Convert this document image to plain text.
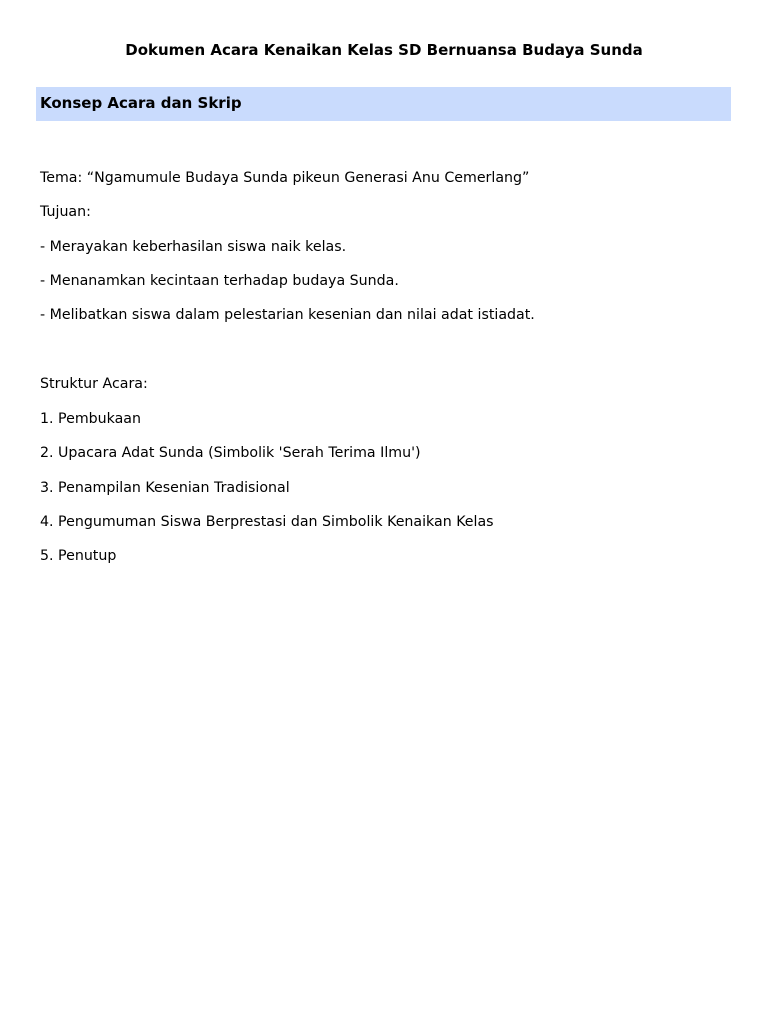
Dokumen Acara Kenaikan Kelas SD Bernuansa Budaya Sunda
Konsep Acara dan Skrip
Tema: “Ngamumule Budaya Sunda pikeun Generasi Anu Cemerlang”
Tujuan:
- Merayakan keberhasilan siswa naik kelas.
- Menanamkan kecintaan terhadap budaya Sunda.
- Melibatkan siswa dalam pelestarian kesenian dan nilai adat istiadat.
Struktur Acara:
1. Pembukaan
2. Upacara Adat Sunda (Simbolik 'Serah Terima Ilmu')
3. Penampilan Kesenian Tradisional
4. Pengumuman Siswa Berprestasi dan Simbolik Kenaikan Kelas
5. Penutup
